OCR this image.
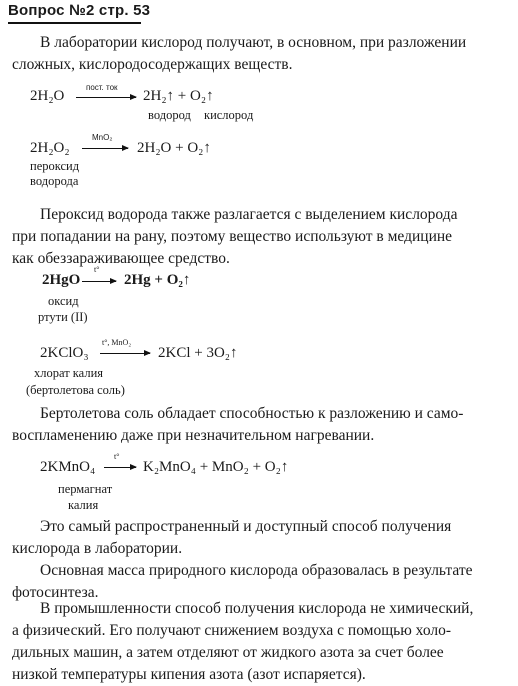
Вопрос №2 стр. 53
В лаборатории кислород получают, в основном, при разложении
сложных, кислородосодержащих веществ.
2H₂O
пост. ток
→ 2H₂↑ + O₂↑
водород кислород
2H₂O₂
MnO₂
→ 2H₂O + O₂↑
пероксид
водорода
Пероксид водорода также разлагается с выделением кислорода
при попадании на рану, поэтому вещество используют в медицине
как обеззараживающее средство.
2HgO
t°
→ 2Hg + O₂↑
оксид
ртути (II)
2KClO₃
t°, MnO₂
→ 2KCl + 3O₂↑
хлорат калия
(бертолетова соль)
Бертолетова соль обладает способностью к разложению и само-
воспламенению даже при незначительном нагревании.
2KMnO₄
t°
→ K₂MnO₄ + MnO₂ + O₂↑
пермагнат
калия
Это самый распространенный и доступный способ получения
кислорода в лаборатории.
Основная масса природного кислорода образовалась в результате
фотосинтеза.
В промышленности способ получения кислорода не химический,
а физический. Его получают снижением воздуха с помощью холо-
дильных машин, а затем отделяют от жидкого азота за счет более
низкой температуры кипения азота (азот испаряется).
